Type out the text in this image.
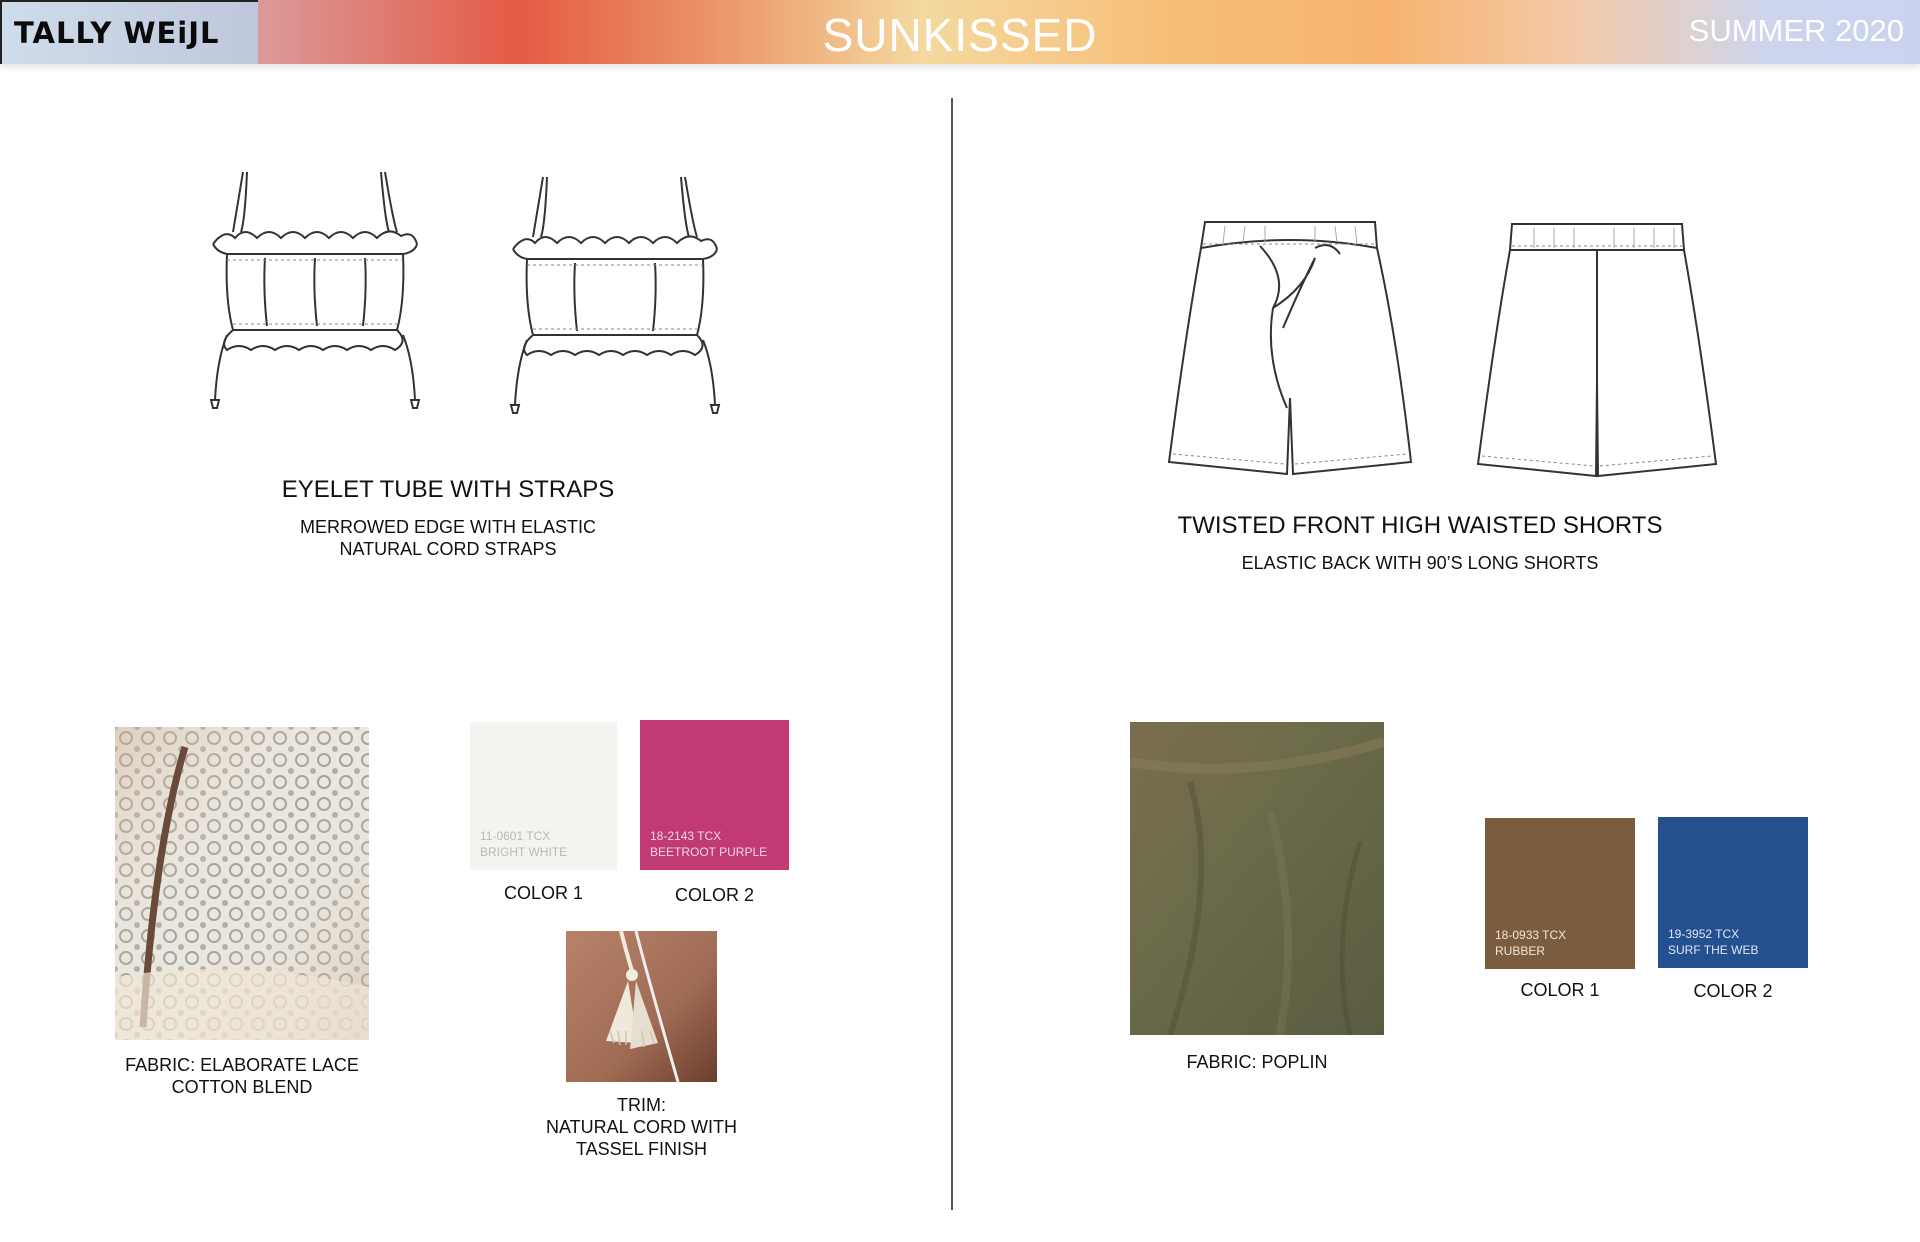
TALLY WEiJL	SUNKISSED	SUMMER 2020
EYELET TUBE WITH STRAPS
MERROWED EDGE WITH ELASTIC
NATURAL CORD STRAPS
FABRIC: ELABORATE LACE
COTTON BLEND
11-0601 TCX
BRIGHT WHITE
COLOR 1
18-2143 TCX
BEETROOT PURPLE
COLOR 2
TRIM:
NATURAL CORD WITH
TASSEL FINISH
TWISTED FRONT HIGH WAISTED SHORTS
ELASTIC BACK WITH 90’S LONG SHORTS
FABRIC: POPLIN
18-0933 TCX
RUBBER
COLOR 1
19-3952 TCX
SURF THE WEB
COLOR 2
